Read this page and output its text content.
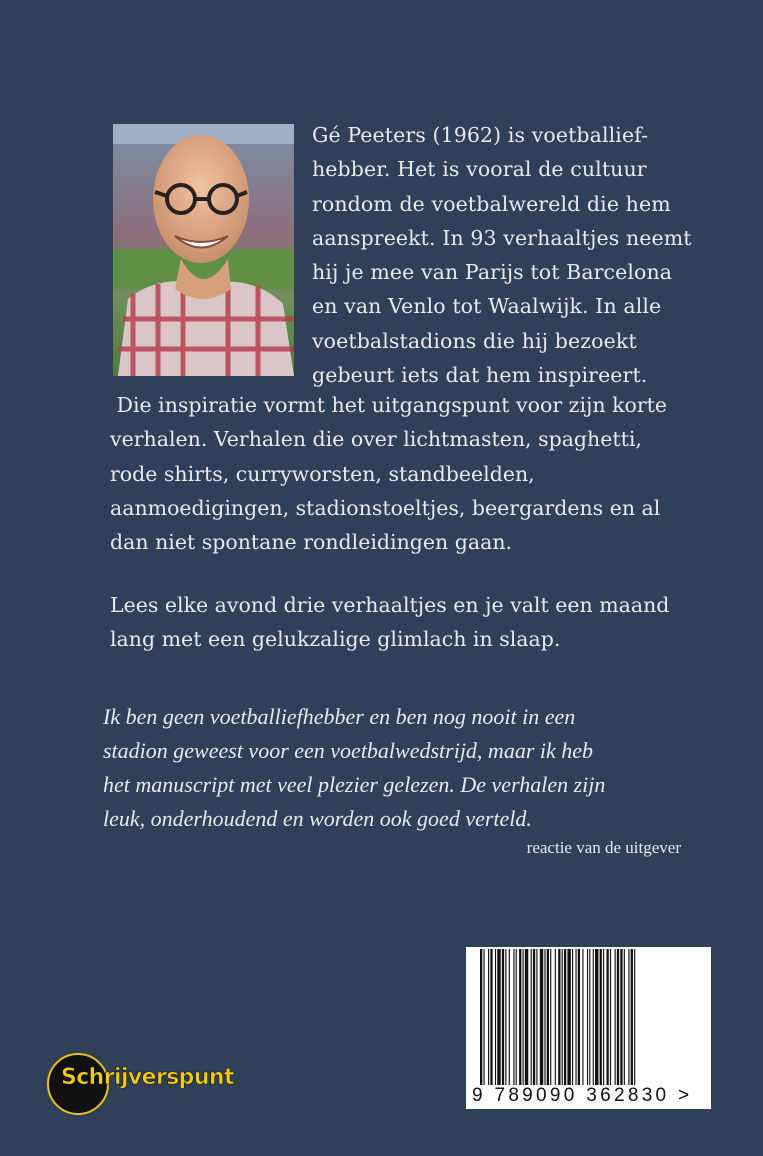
Gé Peeters (1962) is voetballief-
hebber. Het is vooral de cultuur
rondom de voetbalwereld die hem
aanspreekt. In 93 verhaaltjes neemt
hij je mee van Parijs tot Barcelona
en van Venlo tot Waalwijk. In alle
voetbalstadions die hij bezoekt
gebeurt iets dat hem inspireert.
Die inspiratie vormt het uitgangspunt voor zijn korte
verhalen. Verhalen die over lichtmasten, spaghetti,
rode shirts, curryworsten, standbeelden,
aanmoedigingen, stadionstoeltjes, beergardens en al
dan niet spontane rondleidingen gaan.
Lees elke avond drie verhaaltjes en je valt een maand
lang met een gelukzalige glimlach in slaap.
Ik ben geen voetballiefhebber en ben nog nooit in een
stadion geweest voor een voetbalwedstrijd, maar ik heb
het manuscript met veel plezier gelezen. De verhalen zijn
leuk, onderhoudend en worden ook goed verteld.
reactie van de uitgever
9 789090 362830 >
Schrijverspunt
